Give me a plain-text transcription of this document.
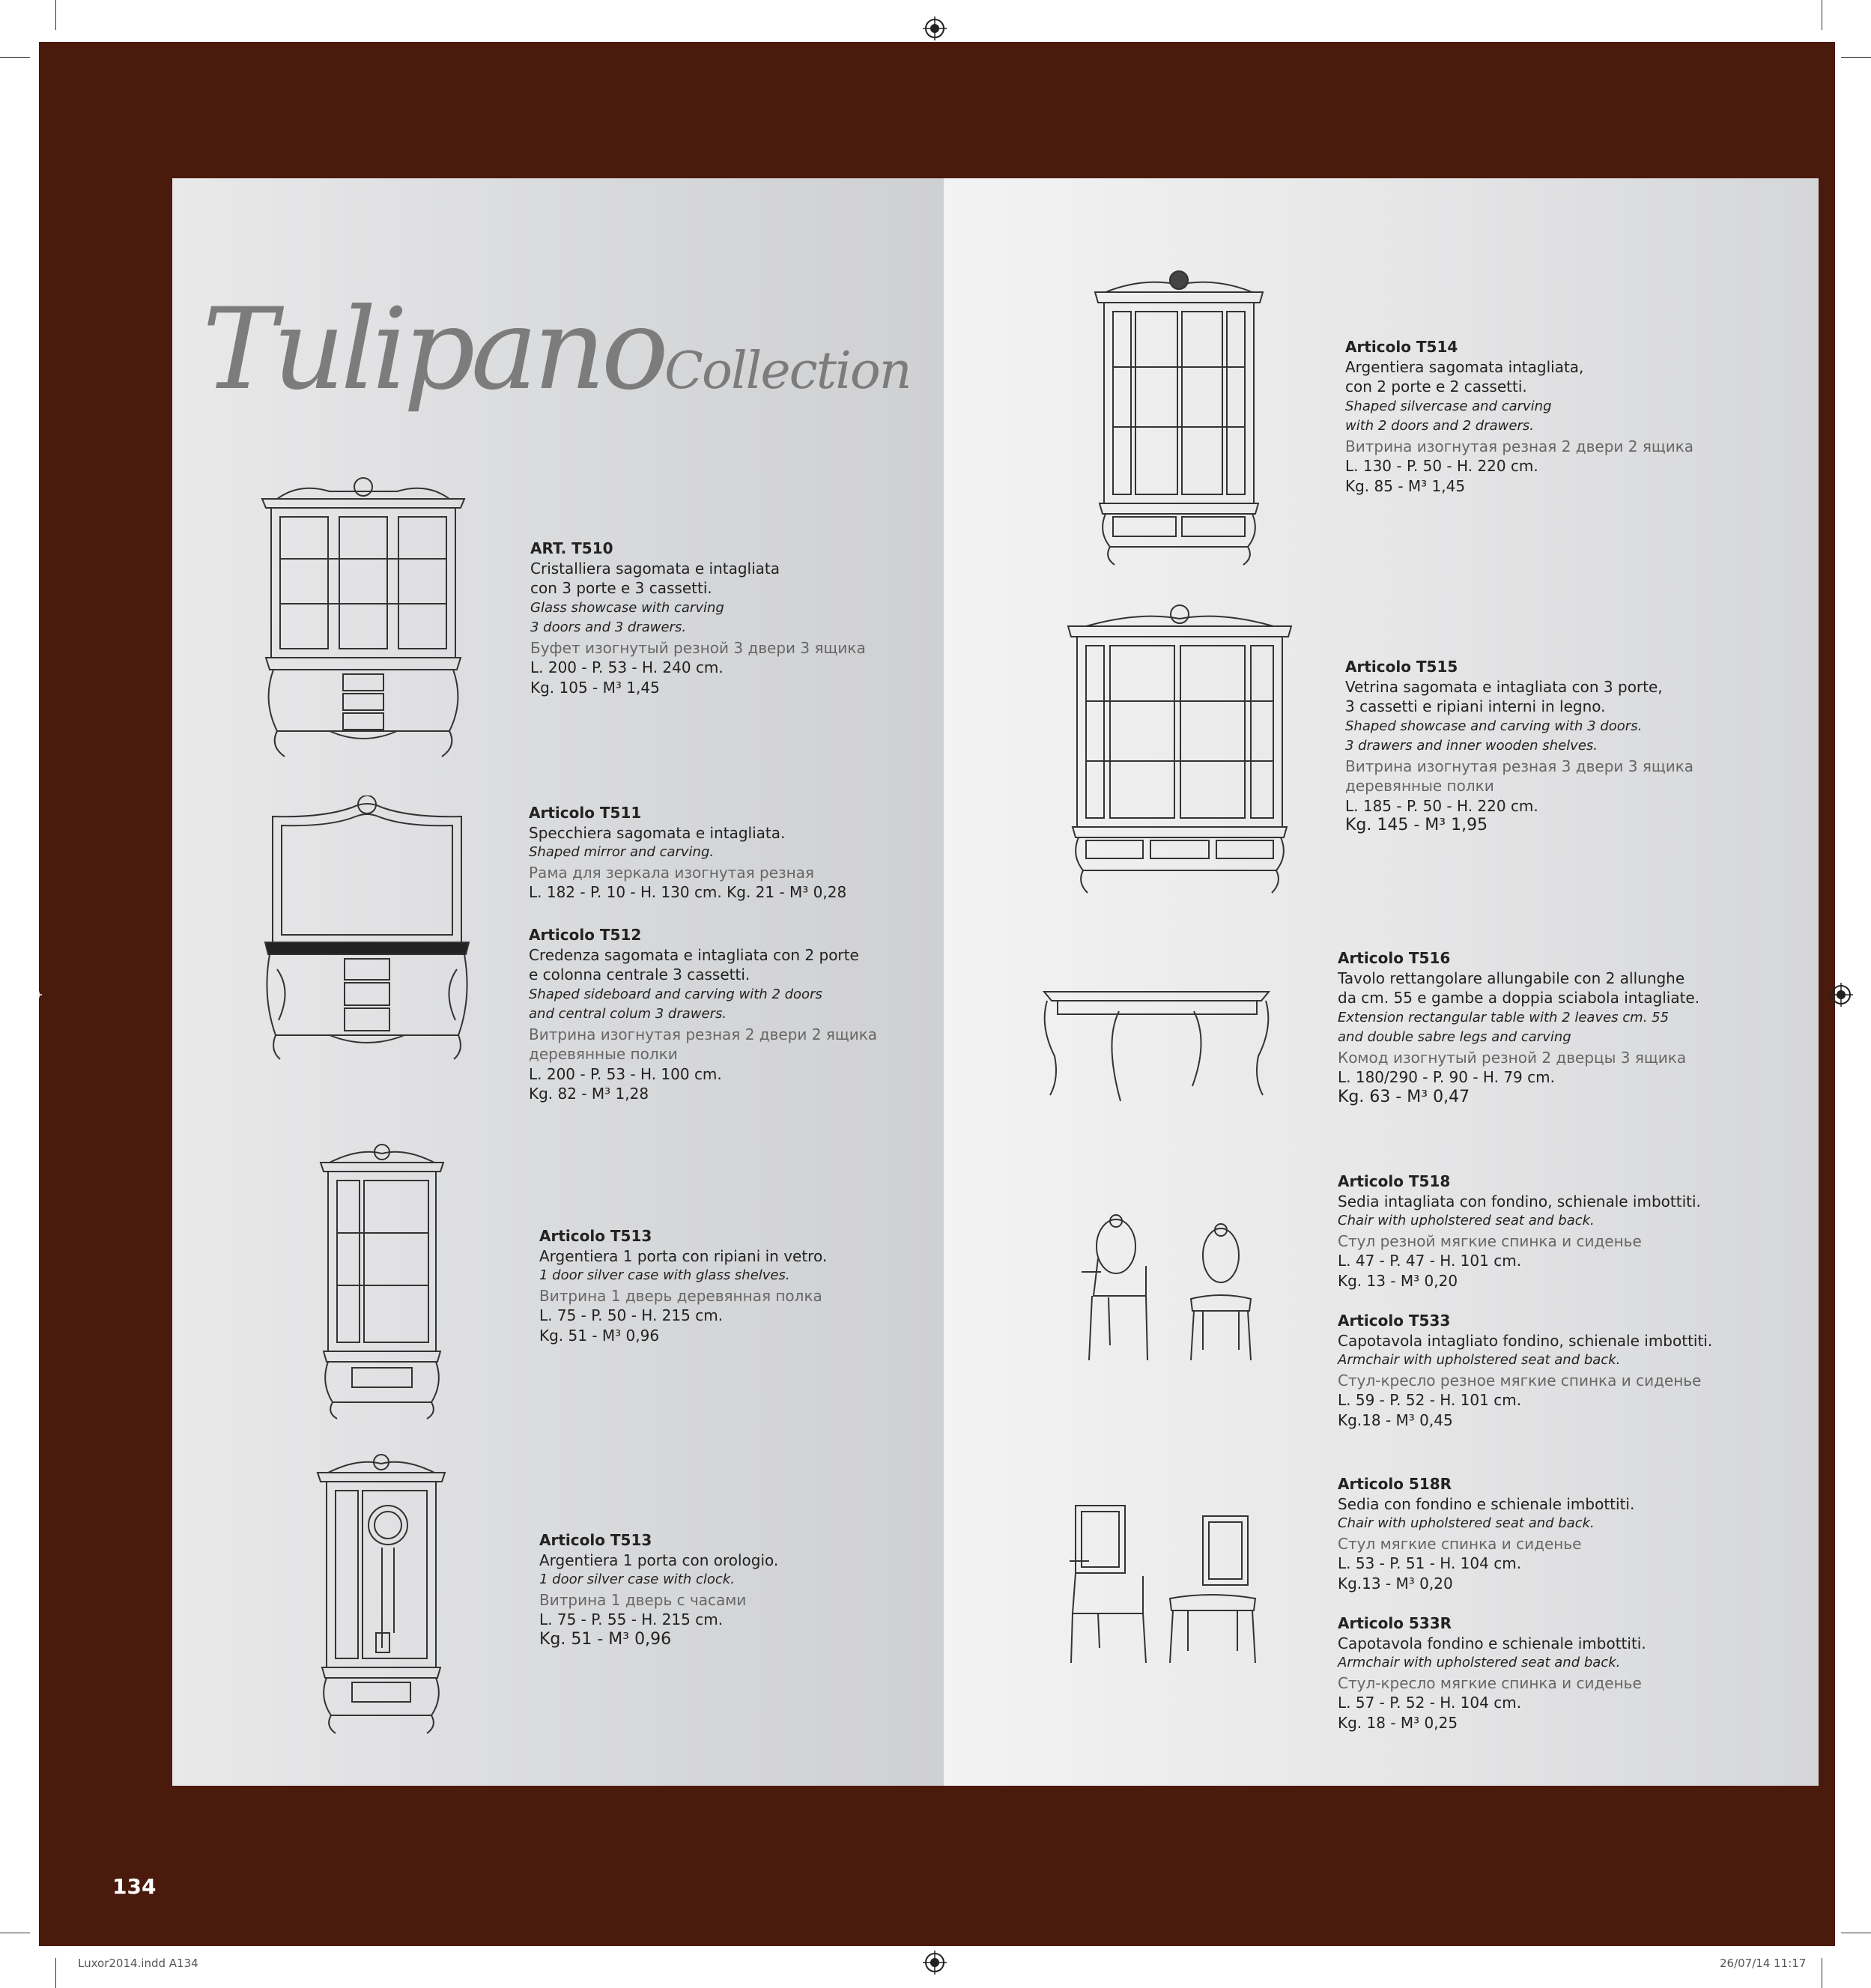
TulipanoCollection
ART. T510
Cristalliera sagomata e intagliata
con 3 porte e 3 cassetti.
Glass showcase with carving
3 doors and 3 drawers.
Буфет изогнутый резной 3 двери 3 ящика
L. 200 - P. 53 - H. 240 cm.
Kg. 105 - M³ 1,45
Articolo T511
Specchiera sagomata e intagliata.
Shaped mirror and carving.
Рама для зеркала изогнутая резная
L. 182 - P. 10 - H. 130 cm. Kg. 21 - M³ 0,28
Articolo T512
Credenza sagomata e intagliata con 2 porte
e colonna centrale 3 cassetti.
Shaped sideboard and carving with 2 doors
and central colum 3 drawers.
Витрина изогнутая резная 2 двери 2 ящика
деревянные полки
L. 200 - P. 53 - H. 100 cm.
Kg. 82 - M³ 1,28
Articolo T513
Argentiera 1 porta con ripiani in vetro.
1 door silver case with glass shelves.
Витрина 1 дверь деревянная полка
L. 75 - P. 50 - H. 215 cm.
Kg. 51 - M³ 0,96
Articolo T513
Argentiera 1 porta con orologio.
1 door silver case with clock.
Витрина 1 дверь с часами
L. 75 - P. 55 - H. 215 cm.
Kg. 51 - M³ 0,96
Articolo T514
Argentiera sagomata intagliata,
con 2 porte e 2 cassetti.
Shaped silvercase and carving
with 2 doors and 2 drawers.
Витрина изогнутая резная 2 двери 2 ящика
L. 130 - P. 50 - H. 220 cm.
Kg. 85 - M³ 1,45
Articolo T515
Vetrina sagomata e intagliata con 3 porte,
3 cassetti e ripiani interni in legno.
Shaped showcase and carving with 3 doors.
3 drawers and inner wooden shelves.
Витрина изогнутая резная 3 двери 3 ящика
деревянные полки
L. 185 - P. 50 - H. 220 cm.
Kg. 145 - M³ 1,95
Articolo T516
Tavolo rettangolare allungabile con 2 allunghe
da cm. 55 e gambe a doppia sciabola intagliate.
Extension rectangular table with 2 leaves cm. 55
and double sabre legs and carving
Комод изогнутый резной 2 дверцы 3 ящика
L. 180/290 - P. 90 - H. 79 cm.
Kg. 63 - M³ 0,47
Articolo T518
Sedia intagliata con fondino, schienale imbottiti.
Chair with upholstered seat and back.
Стул резной мягкие спинка и сиденье
L. 47 - P. 47 - H. 101 cm.
Kg. 13 - M³ 0,20
Articolo T533
Capotavola intagliato fondino, schienale imbottiti.
Armchair with upholstered seat and back.
Стул-кресло резное мягкие спинка и сиденье
L. 59 - P. 52 - H. 101 cm.
Kg.18 - M³ 0,45
Articolo 518R
Sedia con fondino e schienale imbottiti.
Chair with upholstered seat and back.
Стул мягкие спинка и сиденье
L. 53 - P. 51 - H. 104 cm.
Kg.13 - M³ 0,20
Articolo 533R
Capotavola fondino e schienale imbottiti.
Armchair with upholstered seat and back.
Стул-кресло мягкие спинка и сиденье
L. 57 - P. 52 - H. 104 cm.
Kg. 18 - M³ 0,25
134
Luxor2014.indd A134	26/07/14 11:17
